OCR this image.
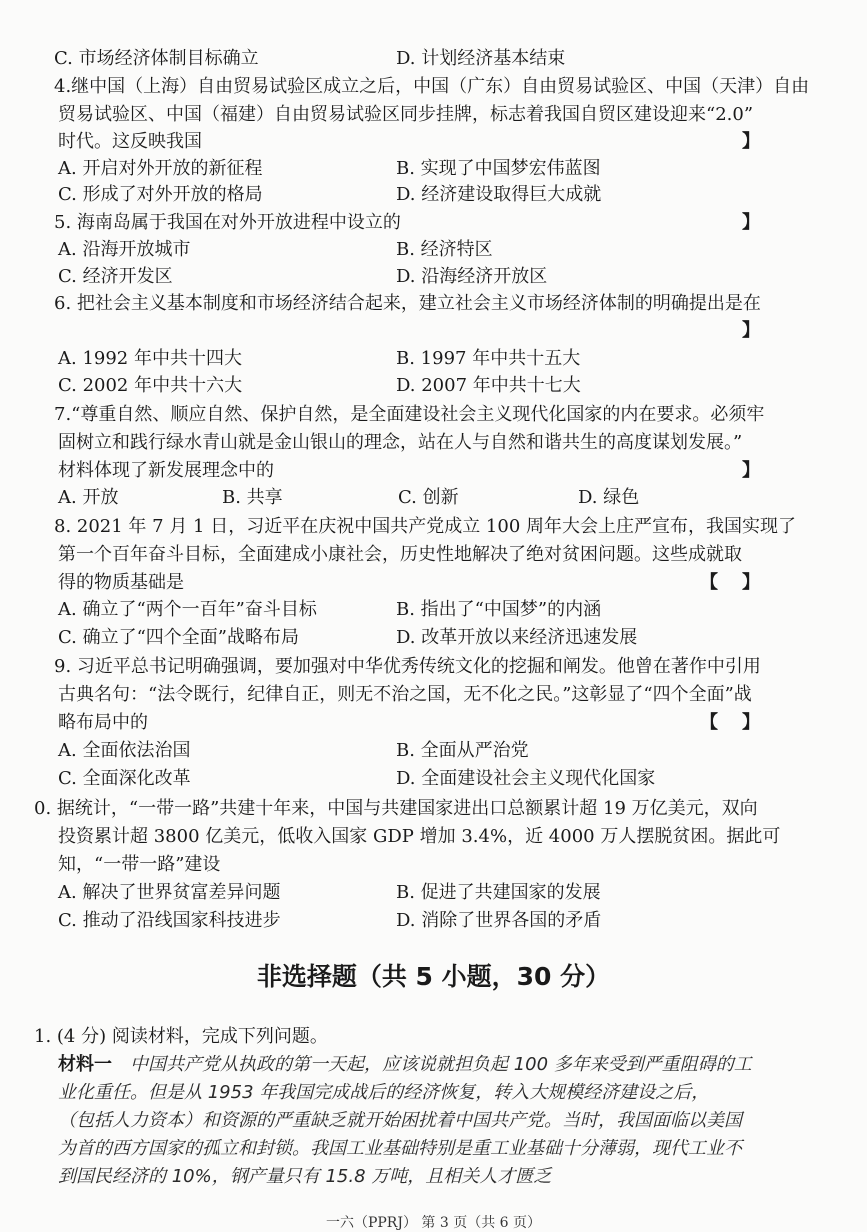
C. 市场经济体制目标确立	D. 计划经济基本结束
4.继中国（上海）自由贸易试验区成立之后，中国（广东）自由贸易试验区、中国（天津）自由
贸易试验区、中国（福建）自由贸易试验区同步挂牌，标志着我国自贸区建设迎来“2.0”
时代。这反映我国	】
A. 开启对外开放的新征程	B. 实现了中国梦宏伟蓝图
C. 形成了对外开放的格局	D. 经济建设取得巨大成就
5. 海南岛属于我国在对外开放进程中设立的	】
A. 沿海开放城市	B. 经济特区
C. 经济开发区	D. 沿海经济开放区
6. 把社会主义基本制度和市场经济结合起来，建立社会主义市场经济体制的明确提出是在
】
A. 1992 年中共十四大	B. 1997 年中共十五大
C. 2002 年中共十六大	D. 2007 年中共十七大
7.“尊重自然、顺应自然、保护自然，是全面建设社会主义现代化国家的内在要求。必须牢
固树立和践行绿水青山就是金山银山的理念，站在人与自然和谐共生的高度谋划发展。”
材料体现了新发展理念中的	】
A. 开放	B. 共享	C. 创新	D. 绿色
8. 2021 年 7 月 1 日，习近平在庆祝中国共产党成立 100 周年大会上庄严宣布，我国实现了
第一个百年奋斗目标，全面建成小康社会，历史性地解决了绝对贫困问题。这些成就取
得的物质基础是	【】
A. 确立了“两个一百年”奋斗目标	B. 指出了“中国梦”的内涵
C. 确立了“四个全面”战略布局	D. 改革开放以来经济迅速发展
9. 习近平总书记明确强调，要加强对中华优秀传统文化的挖掘和阐发。他曾在著作中引用
古典名句：“法令既行，纪律自正，则无不治之国，无不化之民。”这彰显了“四个全面”战
略布局中的	【】
A. 全面依法治国	B. 全面从严治党
C. 全面深化改革	D. 全面建设社会主义现代化国家
0. 据统计，“一带一路”共建十年来，中国与共建国家进出口总额累计超 19 万亿美元，双向
投资累计超 3800 亿美元，低收入国家 GDP 增加 3.4%，近 4000 万人摆脱贫困。据此可
知，“一带一路”建设
A. 解决了世界贫富差异问题	B. 促进了共建国家的发展
C. 推动了沿线国家科技进步	D. 消除了世界各国的矛盾
非选择题（共 5 小题，30 分）
1. (4 分) 阅读材料，完成下列问题。
材料一 中国共产党从执政的第一天起，应该说就担负起 100 多年来受到严重阻碍的工
业化重任。但是从 1953 年我国完成战后的经济恢复，转入大规模经济建设之后，
（包括人力资本）和资源的严重缺乏就开始困扰着中国共产党。当时，我国面临以美国
为首的西方国家的孤立和封锁。我国工业基础特别是重工业基础十分薄弱，现代工业不
到国民经济的 10%，钢产量只有 15.8 万吨，且相关人才匮乏
一六（PPRJ） 第 3 页（共 6 页）
